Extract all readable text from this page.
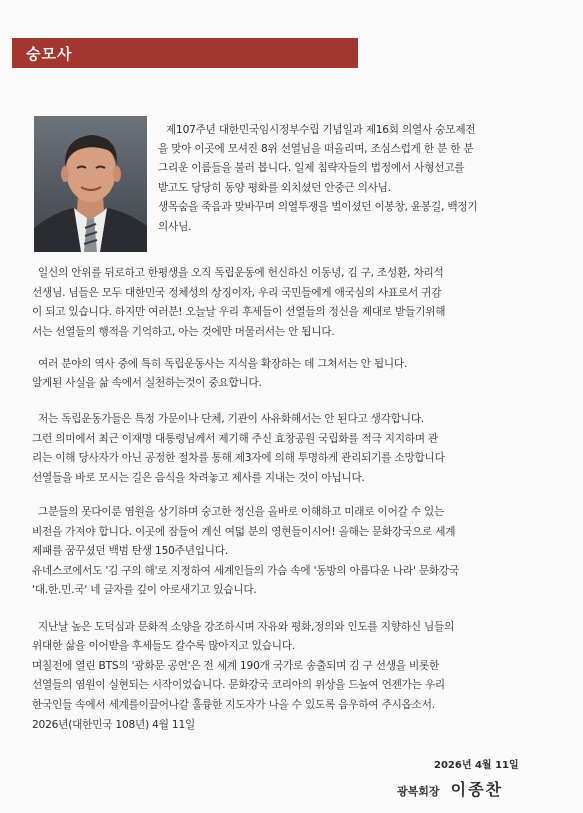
숭모사
제107주년 대한민국임시정부수립 기념일과 제16회 의열사 숭모제전
을 맞아 이곳에 모셔진 8위 선열님을 떠올리며, 조심스럽게 한 분 한 분
그리운 이름들을 불러 봅니다. 일제 침략자들의 법정에서 사형선고를
받고도 당당히 동양 평화를 외치셨던 안중근 의사님.
생목숨을 죽음과 맞바꾸며 의열투쟁을 벌이셨던 이봉창, 윤봉길, 백정기
의사님.
일신의 안위를 뒤로하고 한평생을 오직 독립운동에 헌신하신 이동녕, 김 구, 조성환, 차리석
선생님. 님들은 모두 대한민국 정체성의 상징이자, 우리 국민들에게 애국심의 사표로서 귀감
이 되고 있습니다. 하지만 여러분! 오늘날 우리 후세들이 선열들의 정신을 제대로 받들기위해
서는 선열들의 행적을 기억하고, 아는 것에만 머물러서는 안 됩니다.
여러 분야의 역사 중에 특히 독립운동사는 지식을 확장하는 데 그쳐서는 안 됩니다.
알게된 사실을 삶 속에서 실천하는것이 중요합니다.
저는 독립운동가들은 특정 가문이나 단체, 기관이 사유화해서는 안 된다고 생각합니다.
그런 의미에서 최근 이재명 대통령님께서 제기해 주신 효창공원 국립화를 적극 지지하며 관
리는 이해 당사자가 아닌 공정한 절차를 통해 제3자에 의해 투명하게 관리되기를 소망합니다
선열들을 바로 모시는 길은 음식을 차려놓고 제사를 지내는 것이 아닙니다.
그분들의 못다이룬 염원을 상기하며 숭고한 정신을 올바로 이해하고 미래로 이어갈 수 있는
비전을 가져야 합니다. 이곳에 잠들어 계신 여덟 분의 영현들이시어! 올해는 문화강국으로 세계
제패를 꿈꾸셨던 백범 탄생 150주년입니다.
유네스코에서도 '김 구의 해'로 지정하여 세계인들의 가슴 속에 '동방의 아름다운 나라' 문화강국
'대.한.민.국' 네 글자를 깊이 아로새기고 있습니다.
지난날 높은 도덕심과 문화적 소양을 강조하시며 자유와 평화,정의와 인도를 지향하신 님들의
위대한 삶을 이어받을 후세들도 갈수록 많아지고 있습니다.
며칠전에 열린 BTS의 '광화문 공연'은 전 세계 190개 국가로 송출되며 김 구 선생을 비롯한
선열들의 염원이 실현되는 시작이었습니다. 문화강국 코리아의 위상을 드높여 언젠가는 우리
한국인들 속에서 세계를이끌어나갈 훌륭한 지도자가 나올 수 있도록 음우하여 주시옵소서.
2026년(대한민국 108년) 4월 11일
2026년 4월 11일
광복회장 이종찬
